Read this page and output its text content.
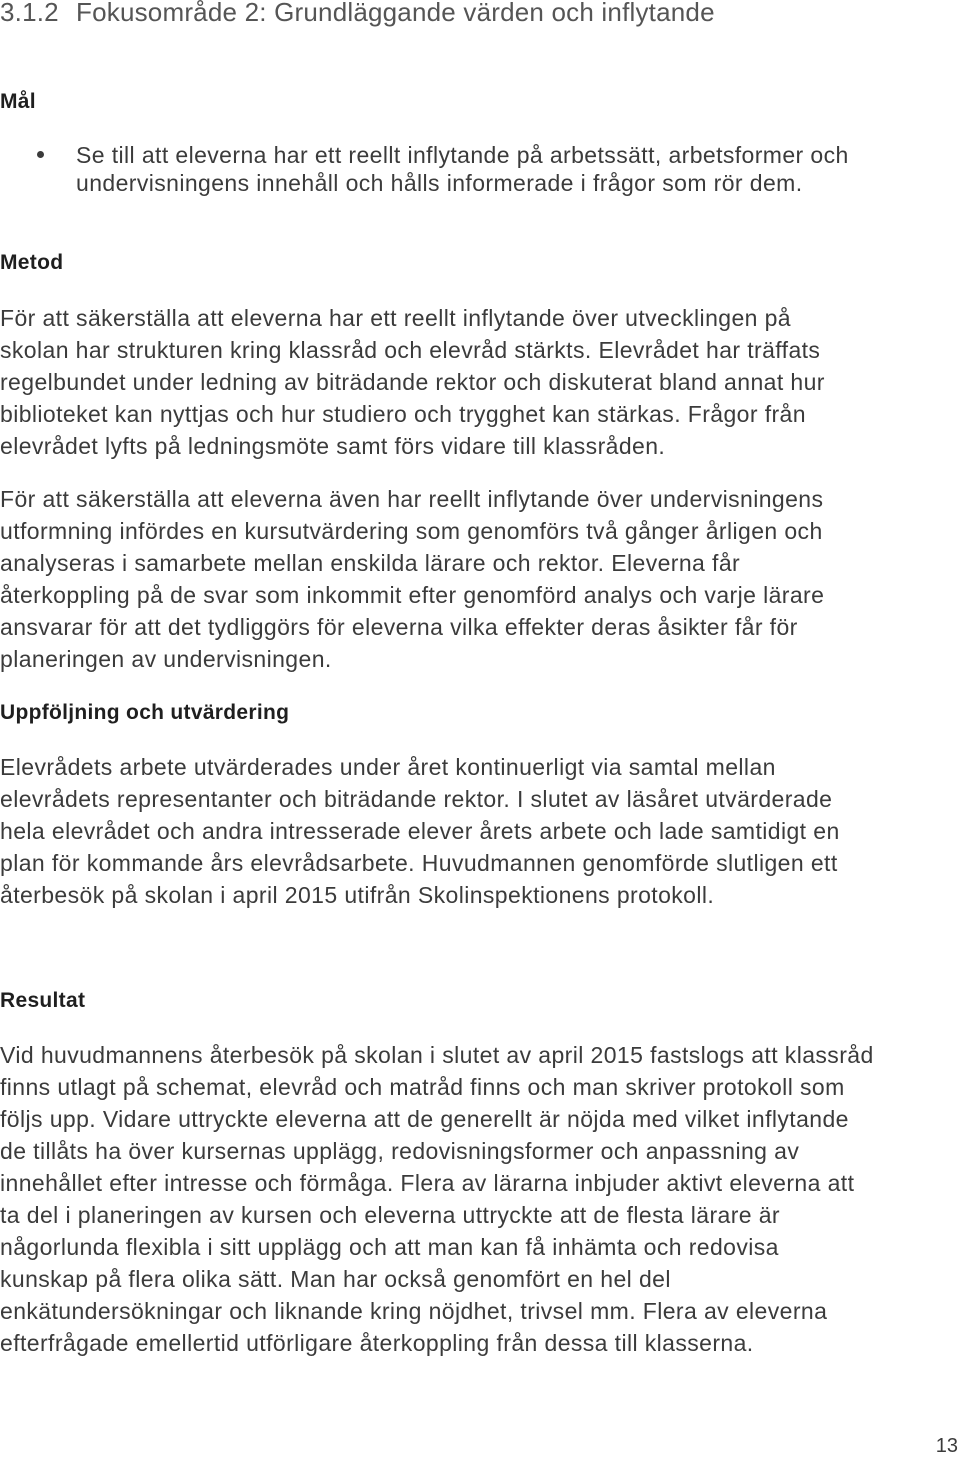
3.1.2 Fokusområde 2: Grundläggande värden och inflytande
Mål
Se till att eleverna har ett reellt inflytande på arbetssätt, arbetsformer och
undervisningens innehåll och hålls informerade i frågor som rör dem.
Metod
För att säkerställa att eleverna har ett reellt inflytande över utvecklingen på
skolan har strukturen kring klassråd och elevråd stärkts. Elevrådet har träffats
regelbundet under ledning av biträdande rektor och diskuterat bland annat hur
biblioteket kan nyttjas och hur studiero och trygghet kan stärkas. Frågor från
elevrådet lyfts på ledningsmöte samt förs vidare till klassråden.
För att säkerställa att eleverna även har reellt inflytande över undervisningens
utformning infördes en kursutvärdering som genomförs två gånger årligen och
analyseras i samarbete mellan enskilda lärare och rektor. Eleverna får
återkoppling på de svar som inkommit efter genomförd analys och varje lärare
ansvarar för att det tydliggörs för eleverna vilka effekter deras åsikter får för
planeringen av undervisningen.
Uppföljning och utvärdering
Elevrådets arbete utvärderades under året kontinuerligt via samtal mellan
elevrådets representanter och biträdande rektor. I slutet av läsåret utvärderade
hela elevrådet och andra intresserade elever årets arbete och lade samtidigt en
plan för kommande års elevrådsarbete. Huvudmannen genomförde slutligen ett
återbesök på skolan i april 2015 utifrån Skolinspektionens protokoll.
Resultat
Vid huvudmannens återbesök på skolan i slutet av april 2015 fastslogs att klassråd
finns utlagt på schemat, elevråd och matråd finns och man skriver protokoll som
följs upp. Vidare uttryckte eleverna att de generellt är nöjda med vilket inflytande
de tillåts ha över kursernas upplägg, redovisningsformer och anpassning av
innehållet efter intresse och förmåga. Flera av lärarna inbjuder aktivt eleverna att
ta del i planeringen av kursen och eleverna uttryckte att de flesta lärare är
någorlunda flexibla i sitt upplägg och att man kan få inhämta och redovisa
kunskap på flera olika sätt. Man har också genomfört en hel del
enkätundersökningar och liknande kring nöjdhet, trivsel mm. Flera av eleverna
efterfrågade emellertid utförligare återkoppling från dessa till klasserna.
13
